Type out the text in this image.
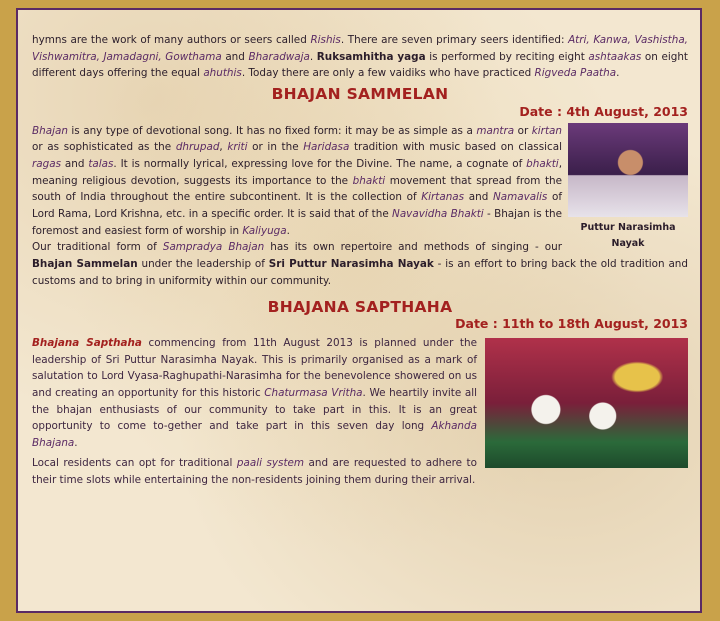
hymns are the work of many authors or seers called Rishis. There are seven primary seers identified: Atri, Kanwa, Vashistha, Vishwamitra, Jamadagni, Gowthama and Bharadwaja. Ruksamhitha yaga is performed by reciting eight ashtaakas on eight different days offering the equal ahuthis. Today there are only a few vaidiks who have practiced Rigveda Paatha.

BHAJAN SAMMELAN
Date : 4th August, 2013
Puttur Narasimha Nayak

Bhajan is any type of devotional song. It has no fixed form: it may be as simple as a mantra or kirtan or as sophisticated as the dhrupad, kriti or in the Haridasa tradition with music based on classical ragas and talas. It is normally lyrical, expressing love for the Divine. The name, a cognate of bhakti, meaning religious devotion, suggests its importance to the bhakti movement that spread from the south of India throughout the entire subcontinent. It is the collection of Kirtanas and Namavalis of Lord Rama, Lord Krishna, etc. in a specific order. It is said that of the Navavidha Bhakti - Bhajan is the foremost and easiest form of worship in Kaliyuga.

Our traditional form of Sampradya Bhajan has its own repertoire and methods of singing - our Bhajan Sammelan under the leadership of Sri Puttur Narasimha Nayak - is an effort to bring back the old tradition and customs and to bring in uniformity within our community.

BHAJANA SAPTHAHA
Date : 11th to 18th August, 2013

Bhajana Sapthaha commencing from 11th August 2013 is planned under the leadership of Sri Puttur Narasimha Nayak. This is primarily organised as a mark of salutation to Lord Vyasa-Raghupathi-Narasimha for the benevolence showered on us and creating an opportunity for this historic Chaturmasa Vritha. We heartily invite all the bhajan enthusiasts of our community to take part in this. It is an great opportunity to come to-gether and take part in this seven day long Akhanda Bhajana.

Local residents can opt for traditional paali system and are requested to adhere to their time slots while entertaining the non-residents joining them during their arrival.
